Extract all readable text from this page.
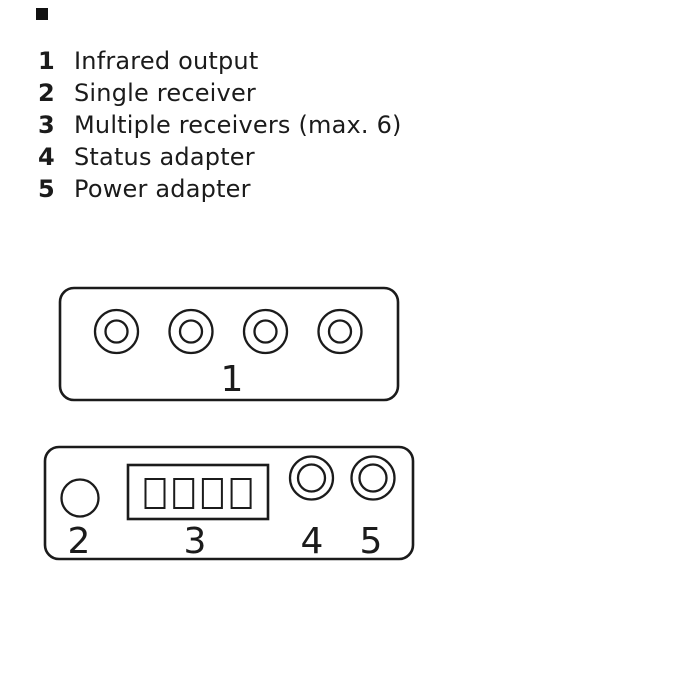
1 Infrared output
2 Single receiver
3 Multiple receivers (max. 6)
4 Status adapter
5 Power adapter
1
2	3	4 5
